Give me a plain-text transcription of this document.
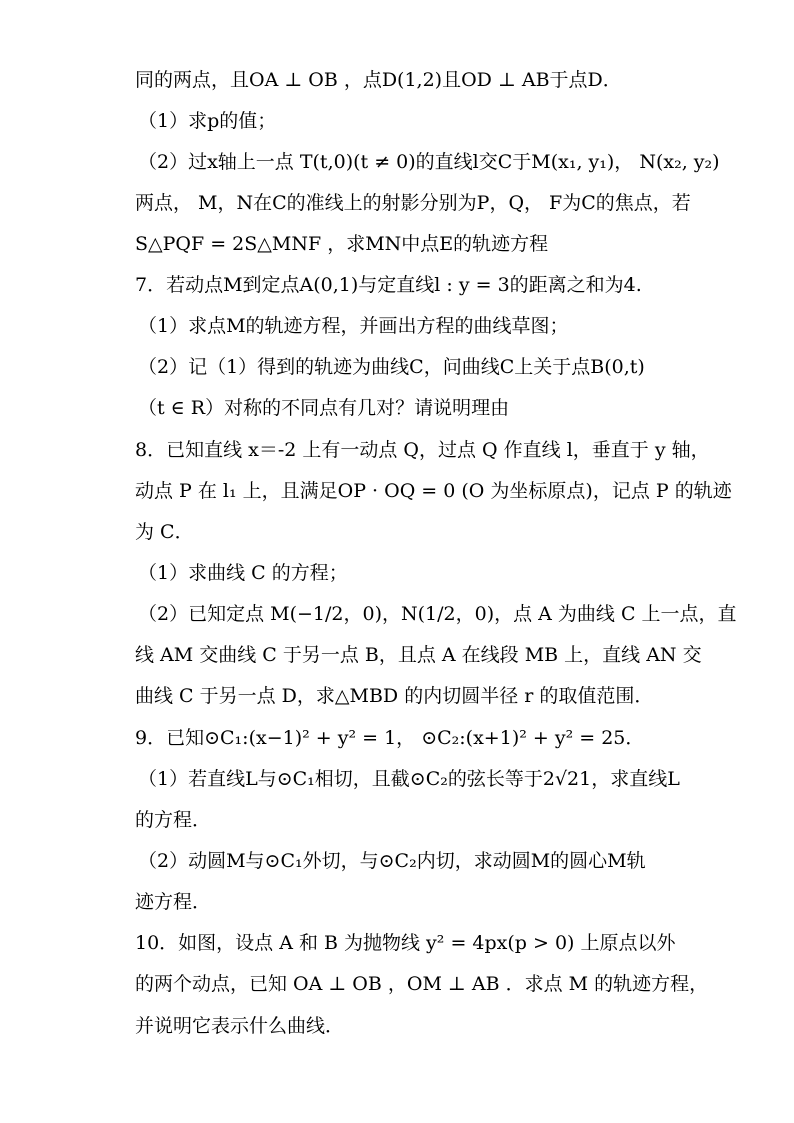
同的两点，且OA ⊥ OB ，点D(1,2)且OD ⊥ AB于点D．
（1）求p的值；
（2）过x轴上一点 T(t,0)(t ≠ 0)的直线l交C于M(x₁, y₁)， N(x₂, y₂)
两点， M，N在C的准线上的射影分别为P，Q， F为C的焦点，若
S△PQF = 2S△MNF ，求MN中点E的轨迹方程
7．若动点M到定点A(0,1)与定直线l : y = 3的距离之和为4.
（1）求点M的轨迹方程，并画出方程的曲线草图；
（2）记（1）得到的轨迹为曲线C，问曲线C上关于点B(0,t)
（t ∈ R）对称的不同点有几对？请说明理由
8．已知直线 x＝-2 上有一动点 Q，过点 Q 作直线 l，垂直于 y 轴，
动点 P 在 l₁ 上，且满足OP · OQ = 0 (O 为坐标原点)，记点 P 的轨迹
为 C．
（1）求曲线 C 的方程；
（2）已知定点 M(−1/2，0)，N(1/2，0)，点 A 为曲线 C 上一点，直
线 AM 交曲线 C 于另一点 B，且点 A 在线段 MB 上，直线 AN 交
曲线 C 于另一点 D，求△MBD 的内切圆半径 r 的取值范围．
9．已知⊙C₁:(x−1)² + y² = 1， ⊙C₂:(x+1)² + y² = 25．
（1）若直线L与⊙C₁相切，且截⊙C₂的弦长等于2√21，求直线L
的方程．
（2）动圆M与⊙C₁外切，与⊙C₂内切，求动圆M的圆心M轨
迹方程．
10．如图，设点 A 和 B 为抛物线 y² = 4px(p > 0) 上原点以外
的两个动点，已知 OA ⊥ OB ，OM ⊥ AB ．求点 M 的轨迹方程，
并说明它表示什么曲线．
